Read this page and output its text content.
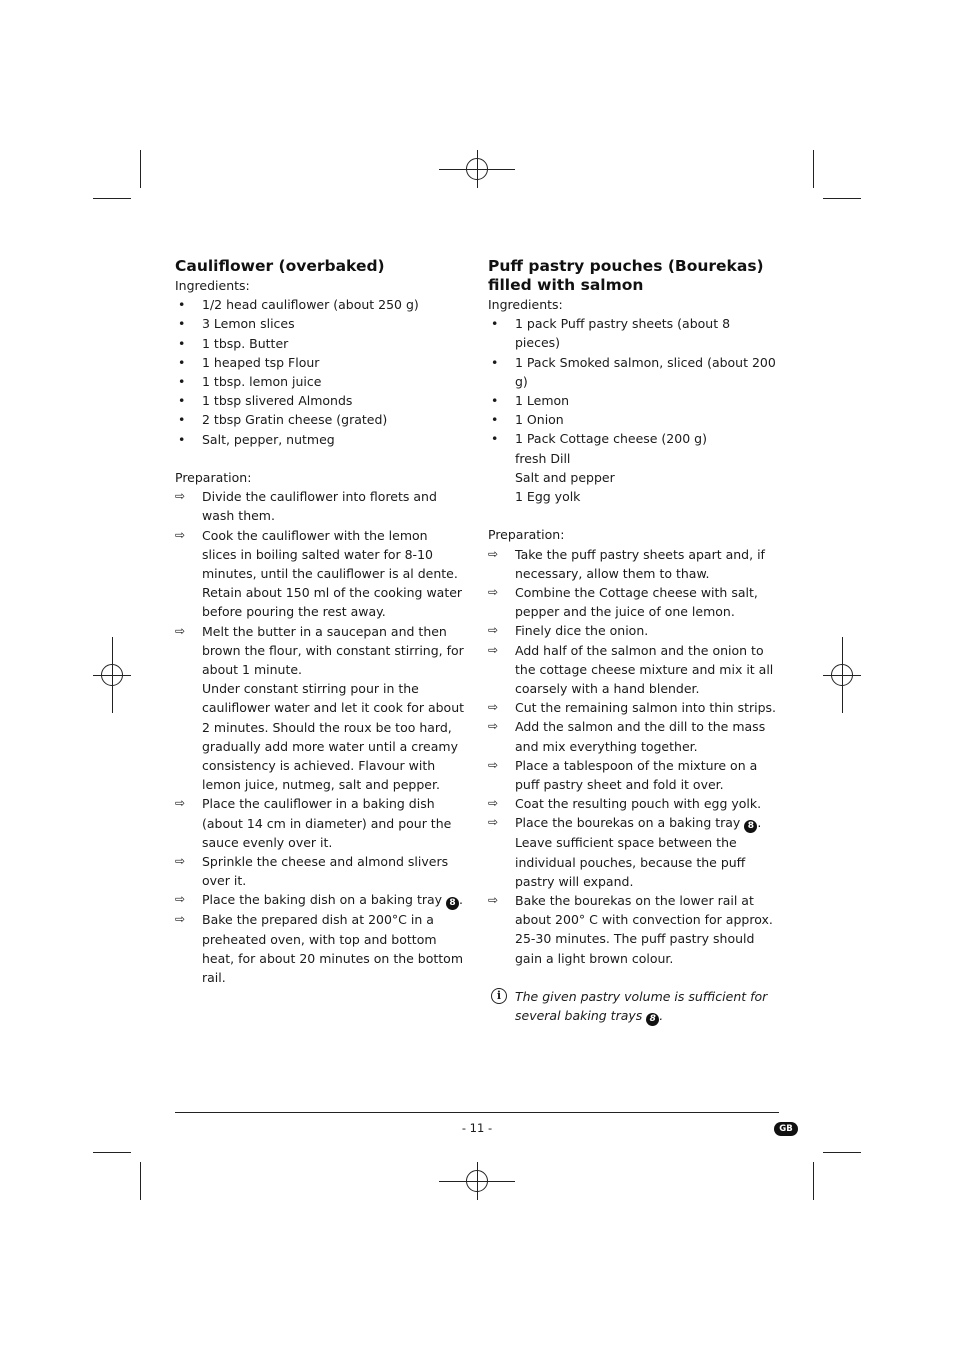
Cauliflower (overbaked)

Ingredients:

• 1/2 head cauliflower (about 250 g)
• 3 Lemon slices
• 1 tbsp. Butter
• 1 heaped tsp Flour
• 1 tbsp. lemon juice
• 1 tbsp slivered Almonds
• 2 tbsp Gratin cheese (grated)
• Salt, pepper, nutmeg

Preparation:

⇨ Divide the cauliflower into florets and wash them.
⇨ Cook the cauliflower with the lemon slices in boiling salted water for 8-10 minutes, until the cauliflower is al dente. Retain about 150 ml of the cooking water before pouring the rest away.
⇨ Melt the butter in a saucepan and then brown the flour, with constant stirring, for about 1 minute.
Under constant stirring pour in the cauliflower water and let it cook for about 2 minutes. Should the roux be too hard, gradually add more water until a creamy consistency is achieved. Flavour with lemon juice, nutmeg, salt and pepper.
⇨ Place the cauliflower in a baking dish (about 14 cm in diameter) and pour the sauce evenly over it.
⇨ Sprinkle the cheese and almond slivers over it.
⇨ Place the baking dish on a baking tray 8 .
⇨ Bake the prepared dish at 200°C in a preheated oven, with top and bottom heat, for about 20 minutes on the bottom rail.
Puff pastry pouches (Bourekas) filled with salmon

Ingredients:

• 1 pack Puff pastry sheets (about 8 pieces)
• 1 Pack Smoked salmon, sliced (about 200 g)
• 1 Lemon
• 1 Onion
• 1 Pack Cottage cheese (200 g)
fresh Dill
Salt and pepper
1 Egg yolk

Preparation:

⇨ Take the puff pastry sheets apart and, if necessary, allow them to thaw.
⇨ Combine the Cottage cheese with salt, pepper and the juice of one lemon.
⇨ Finely dice the onion.
⇨ Add half of the salmon and the onion to the cottage cheese mixture and mix it all coarsely with a hand blender.
⇨ Cut the remaining salmon into thin strips.
⇨ Add the salmon and the dill to the mass and mix everything together.
⇨ Place a tablespoon of the mixture on a puff pastry sheet and fold it over.
⇨ Coat the resulting pouch with egg yolk.
⇨ Place the bourekas on a baking tray 8 .
Leave sufficient space between the individual pouches, because the puff pastry will expand.
⇨ Bake the bourekas on the lower rail at about 200° C with convection for approx. 25-30 minutes. The puff pastry should gain a light brown colour.
i	The given pastry volume is sufficient for several baking trays 8 .
- 11 -	GB
